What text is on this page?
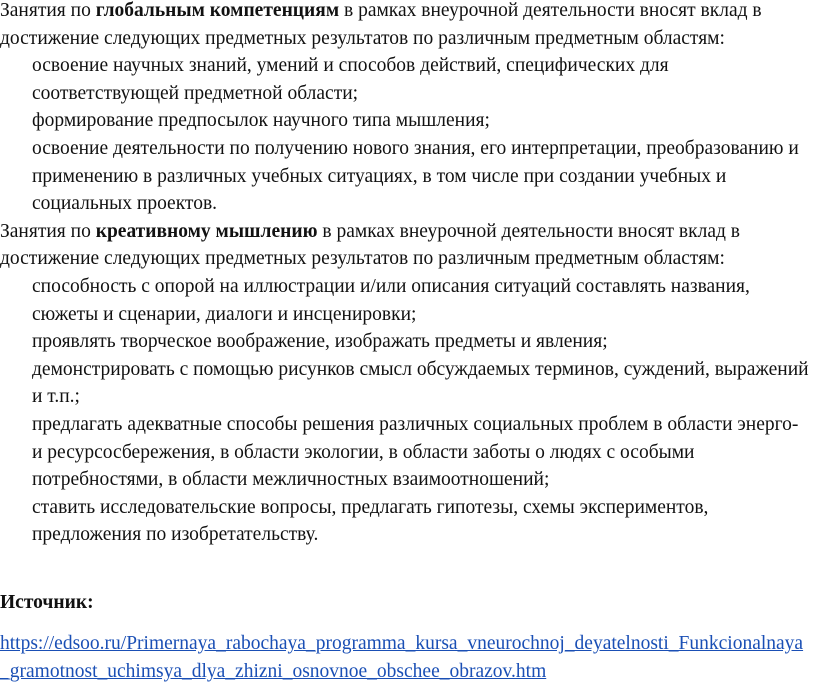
Занятия по глобальным компетенциям в рамках внеурочной деятельности вносят вклад в достижение следующих предметных результатов по различным предметным областям:

освоение научных знаний, умений и способов действий, специфических для соответствующей предметной области;
формирование предпосылок научного типа мышления;
освоение деятельности по получению нового знания, его интерпретации, преобразованию и применению в различных учебных ситуациях, в том числе при создании учебных и социальных проектов.

Занятия по креативному мышлению в рамках внеурочной деятельности вносят вклад в достижение следующих предметных результатов по различным предметным областям:

способность с опорой на иллюстрации и/или описания ситуаций составлять названия, сюжеты и сценарии, диалоги и инсценировки;
проявлять творческое воображение, изображать предметы и явления;
демонстрировать с помощью рисунков смысл обсуждаемых терминов, суждений, выражений и т.п.;
предлагать адекватные способы решения различных социальных проблем в области энерго- и ресурсосбережения, в области экологии, в области заботы о людях с особыми потребностями, в области межличностных взаимоотношений;
ставить исследовательские вопросы, предлагать гипотезы, схемы экспериментов, предложения по изобретательству.

Источник:

https://edsoo.ru/Primernaya_rabochaya_programma_kursa_vneurochnoj_deyatelnosti_Funkcionalnaya_gramotnost_uchimsya_dlya_zhizni_osnovnoe_obschee_obrazov.htm
